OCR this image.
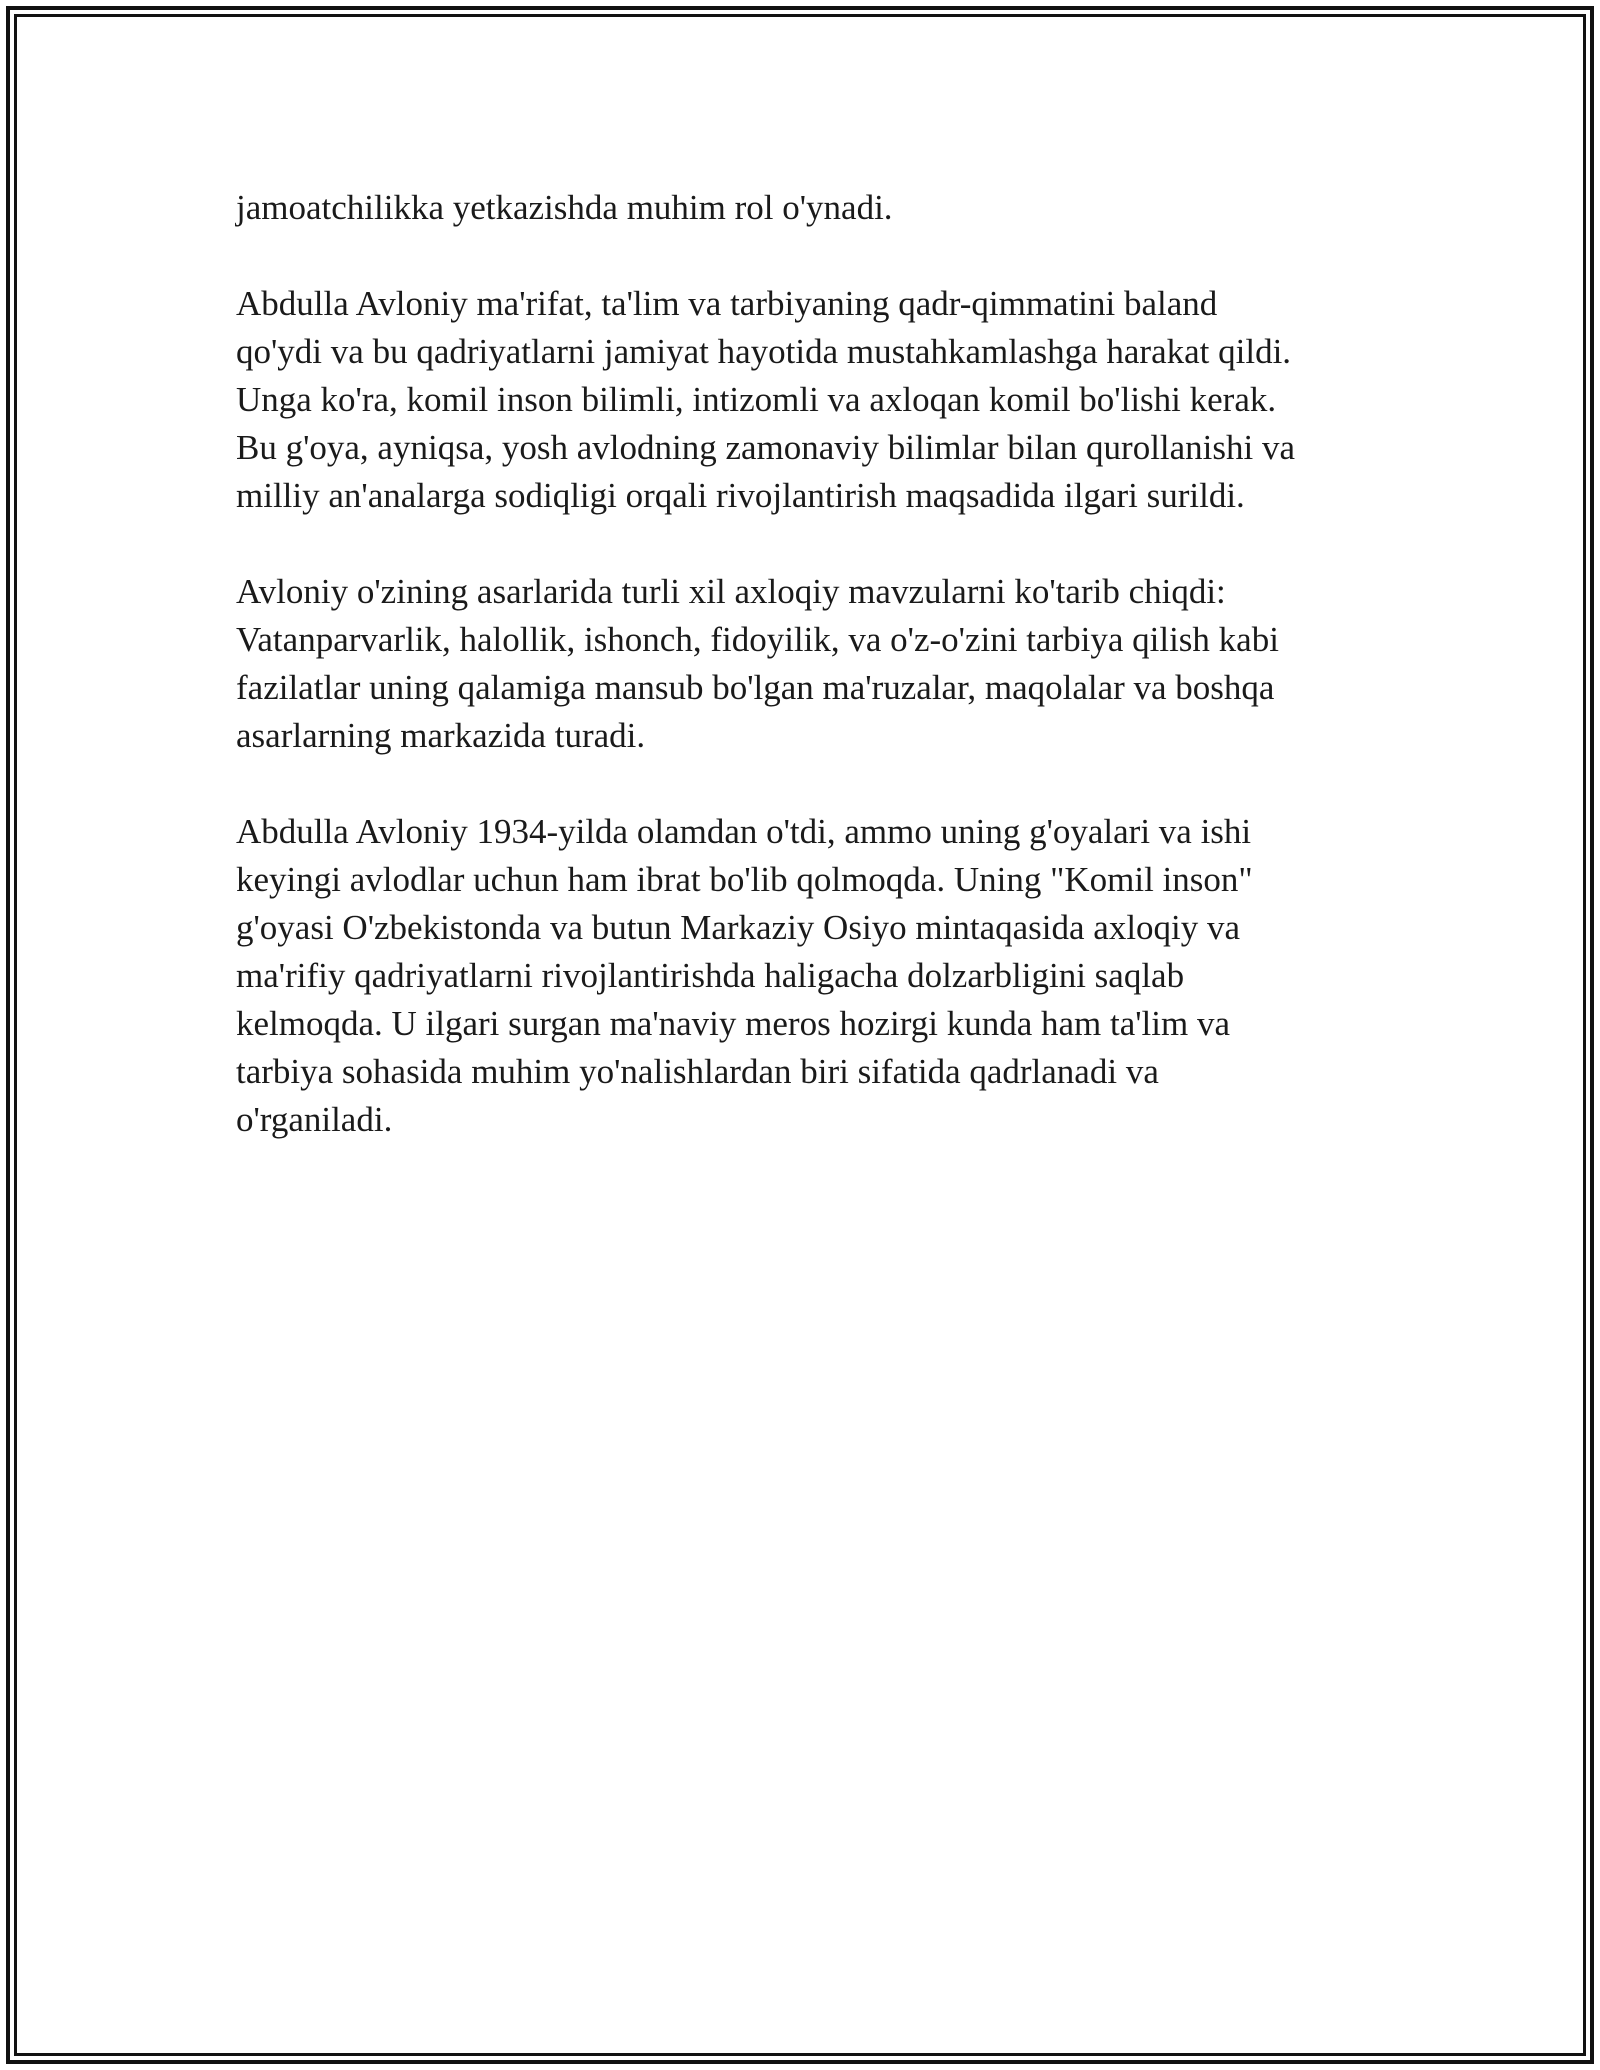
jamoatchilikka yetkazishda muhim rol o'ynadi.

Abdulla Avloniy ma'rifat, ta'lim va tarbiyaning qadr-qimmatini baland
qo'ydi va bu qadriyatlarni jamiyat hayotida mustahkamlashga harakat qildi.
Unga ko'ra, komil inson bilimli, intizomli va axloqan komil bo'lishi kerak.
Bu g'oya, ayniqsa, yosh avlodning zamonaviy bilimlar bilan qurollanishi va
milliy an'analarga sodiqligi orqali rivojlantirish maqsadida ilgari surildi.

Avloniy o'zining asarlarida turli xil axloqiy mavzularni ko'tarib chiqdi:
Vatanparvarlik, halollik, ishonch, fidoyilik, va o'z-o'zini tarbiya qilish kabi
fazilatlar uning qalamiga mansub bo'lgan ma'ruzalar, maqolalar va boshqa
asarlarning markazida turadi.

Abdulla Avloniy 1934-yilda olamdan o'tdi, ammo uning g'oyalari va ishi
keyingi avlodlar uchun ham ibrat bo'lib qolmoqda. Uning "Komil inson"
g'oyasi O'zbekistonda va butun Markaziy Osiyo mintaqasida axloqiy va
ma'rifiy qadriyatlarni rivojlantirishda haligacha dolzarbligini saqlab
kelmoqda. U ilgari surgan ma'naviy meros hozirgi kunda ham ta'lim va
tarbiya sohasida muhim yo'nalishlardan biri sifatida qadrlanadi va
o'rganiladi.
